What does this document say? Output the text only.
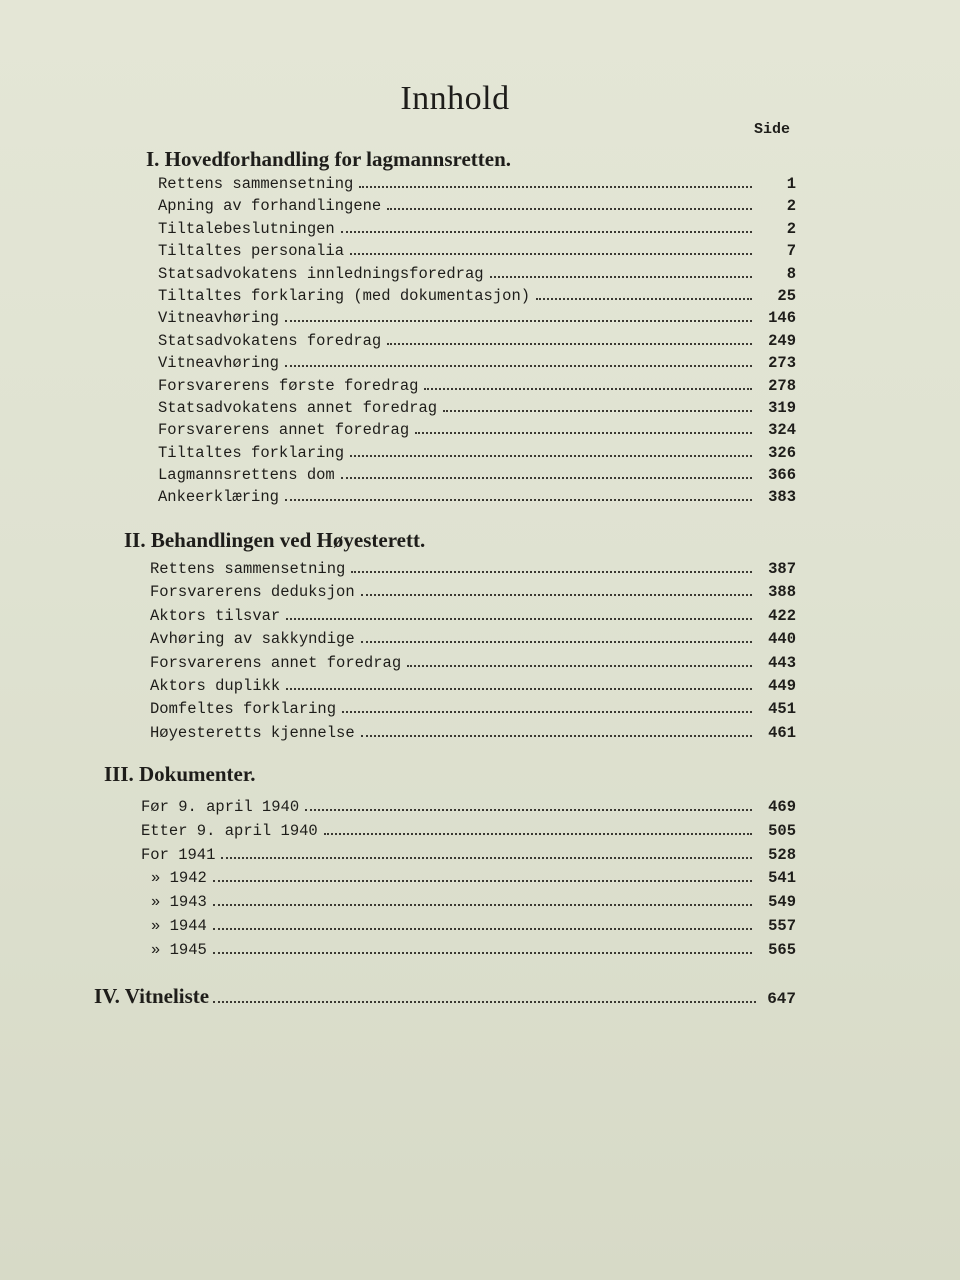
Innhold
Side
I. Hovedforhandling for lagmannsretten.
Rettens sammensetning	1
Apning av forhandlingene	2
Tiltalebeslutningen	2
Tiltaltes personalia	7
Statsadvokatens innledningsforedrag	8
Tiltaltes forklaring (med dokumentasjon)	25
Vitneavhøring	146
Statsadvokatens foredrag	249
Vitneavhøring	273
Forsvarerens første foredrag	278
Statsadvokatens annet foredrag	319
Forsvarerens annet foredrag	324
Tiltaltes forklaring	326
Lagmannsrettens dom	366
Ankeerklæring	383
II. Behandlingen ved Høyesterett.
Rettens sammensetning	387
Forsvarerens deduksjon	388
Aktors tilsvar	422
Avhøring av sakkyndige	440
Forsvarerens annet foredrag	443
Aktors duplikk	449
Domfeltes forklaring	451
Høyesteretts kjennelse	461
III. Dokumenter.
Før 9. april 1940	469
Etter 9. april 1940	505
For 1941	528
» 1942	541
» 1943	549
» 1944	557
» 1945	565
IV. Vitneliste	647
